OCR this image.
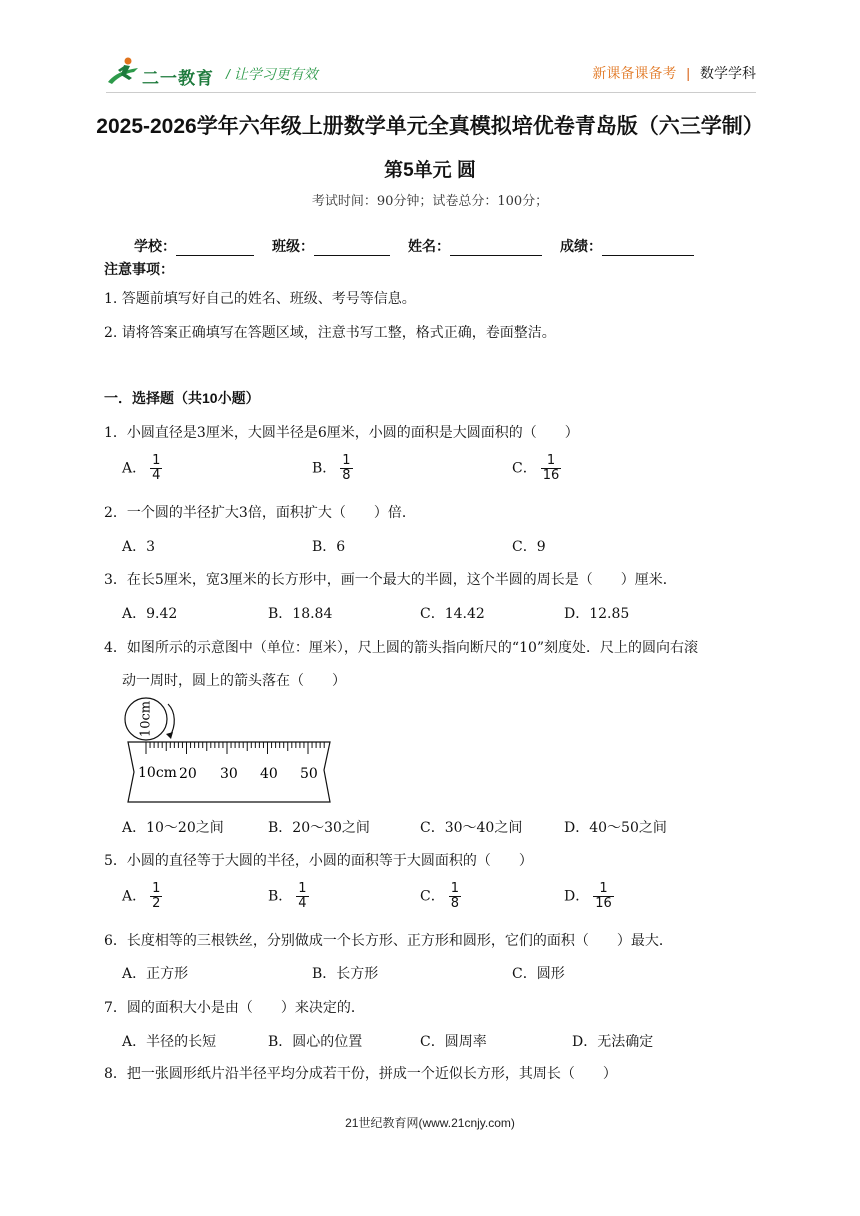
二一教育 / 让学习更有效	新课备课备考 | 数学学科
2025-2026学年六年级上册数学单元全真模拟培优卷青岛版（六三学制）
第5单元 圆
考试时间：90分钟；试卷总分：100分；
学校：	班级：	姓名：	成绩：
注意事项：
1. 答题前填写好自己的姓名、班级、考号等信息。
2. 请将答案正确填写在答题区域，注意书写工整，格式正确，卷面整洁。
一．选择题（共10小题）
1．小圆直径是3厘米，大圆半径是6厘米，小圆的面积是大圆面积的（　　）
A． $\frac{1}{4}$	B． $\frac{1}{8}$	C． $\frac{1}{16}$
2．一个圆的半径扩大3倍，面积扩大（　　）倍．
A．3	B．6	C．9
3．在长5厘米，宽3厘米的长方形中，画一个最大的半圆，这个半圆的周长是（　　）厘米．
A．9.42	B．18.84	C．14.42	D．12.85
4．如图所示的示意图中（单位：厘米），尺上圆的箭头指向断尺的“10”刻度处．尺上的圆向右滚
动一周时，圆上的箭头落在（　　）
10cm
10cm 20 30 40 50
A．10～20之间	B．20～30之间	C．30～40之间	D．40～50之间
5．小圆的直径等于大圆的半径，小圆的面积等于大圆面积的（　　）
A． $\frac{1}{2}$	B． $\frac{1}{4}$	C． $\frac{1}{8}$	D． $\frac{1}{16}$
6．长度相等的三根铁丝，分别做成一个长方形、正方形和圆形，它们的面积（　　）最大．
A．正方形	B．长方形	C．圆形
7．圆的面积大小是由（　　）来决定的．
A．半径的长短	B．圆心的位置	C．圆周率	D．无法确定
8．把一张圆形纸片沿半径平均分成若干份，拼成一个近似长方形，其周长（　　）
21世纪教育网(www.21cnjy.com)
